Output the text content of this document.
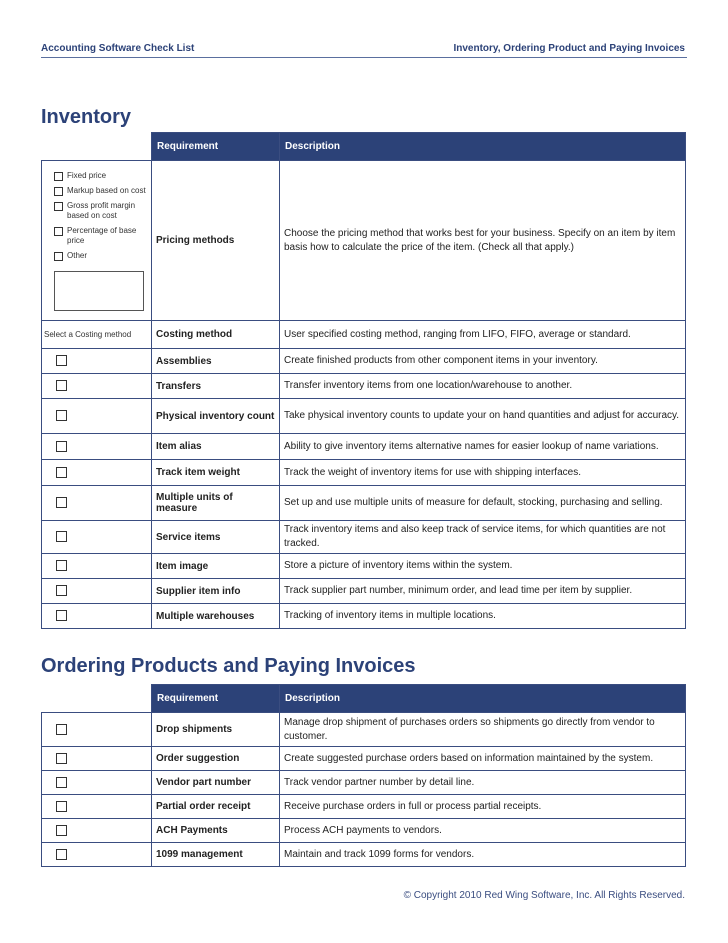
Accounting Software Check List	Inventory, Ordering Product and Paying Invoices
Inventory
	Requirement	Description

Fixed price
Markup based on cost
Gross profit margin based on cost
Percentage of base price
Other	Pricing methods	Choose the pricing method that works best for your business. Specify on an item by item basis how to calculate the price of the item. (Check all that apply.)
Select a Costing method	Costing method	User specified costing method, ranging from LIFO, FIFO, average or standard.
	Assemblies	Create finished products from other component items in your inventory.
	Transfers	Transfer inventory items from one location/warehouse to another.
	Physical inventory count	Take physical inventory counts to update your on hand quantities and adjust for accuracy.
	Item alias	Ability to give inventory items alternative names for easier lookup of name variations.
	Track item weight	Track the weight of inventory items for use with shipping interfaces.
	Multiple units of measure	Set up and use multiple units of measure for default, stocking, purchasing and selling.
	Service items	Track inventory items and also keep track of service items, for which quantities are not tracked.
	Item image	Store a picture of inventory items within the system.
	Supplier item info	Track supplier part number, minimum order, and lead time per item by supplier.
	Multiple warehouses	Tracking of inventory items in multiple locations.
Ordering Products and Paying Invoices
	Requirement	Description
	Drop shipments	Manage drop shipment of purchases orders so shipments go directly from vendor to customer.
	Order suggestion	Create suggested purchase orders based on information maintained by the system.
	Vendor part number	Track vendor partner number by detail line.
	Partial order receipt	Receive purchase orders in full or process partial receipts.
	ACH Payments	Process ACH payments to vendors.
	1099 management	Maintain and track 1099 forms for vendors.
© Copyright 2010 Red Wing Software, Inc. All Rights Reserved.
